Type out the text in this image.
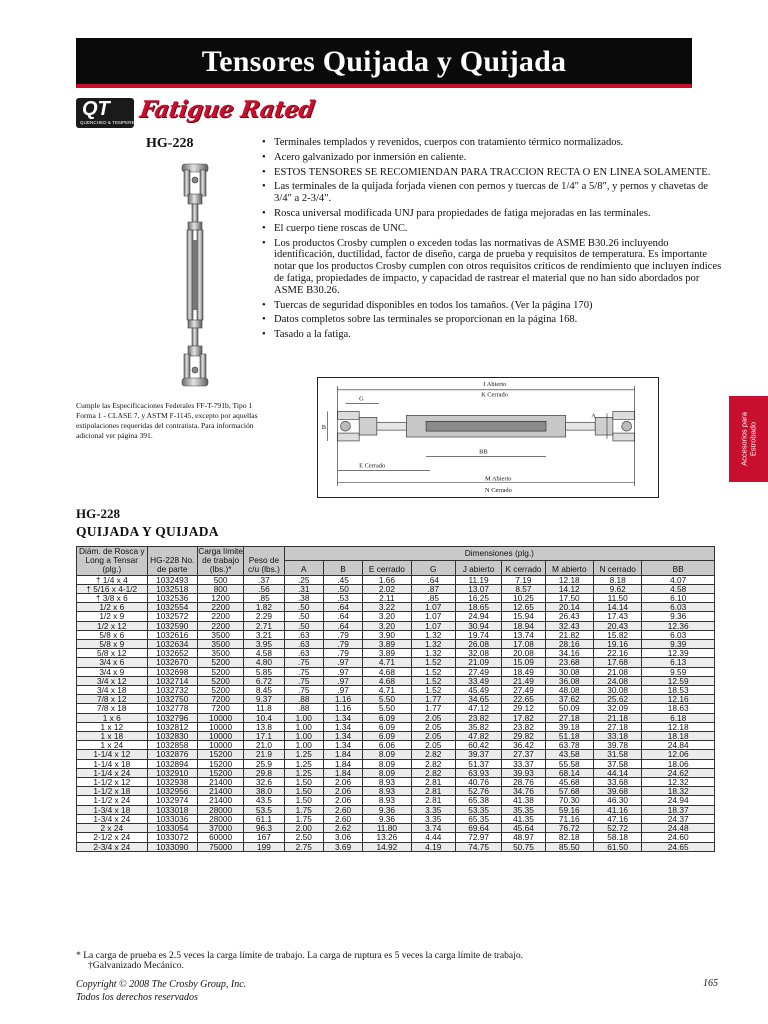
Tensores Quijada y Quijada
QT
QUENCHED & TEMPERED Fatigue Rated
HG-228	• Terminales templados y revenidos, cuerpos con tratamiento térmico normalizados.
• Acero galvanizado por inmersión en caliente.
• ESTOS TENSORES SE RECOMIENDAN PARA TRACCION RECTA O EN LINEA SOLAMENTE.
• Las terminales de la quijada forjada vienen con pernos y tuercas de 1/4" a 5/8", y pernos y chavetas de 3/4" a 2-3/4".
• Rosca universal modificada UNJ para propiedades de fatiga mejoradas en las terminales.
• El cuerpo tiene roscas de UNC.
• Los productos Crosby cumplen o exceden todas las normativas de ASME B30.26 incluyendo identificación, ductilidad, factor de diseño, carga de prueba y requisitos de temperatura. Es importante notar que los productos Crosby cumplen con otros requisitos críticos de rendimiento que incluyen índices de fatiga, propiedades de impacto, y capacidad de rastrear el material que no han sido abordados por ASME B30.26.
• Tuercas de seguridad disponibles en todos los tamaños. (Ver la página 170)
• Datos completos sobre las terminales se proporcionan en la página 168.
• Tasado a la fatiga.
Cumple las Especificaciones Federales FF-T-791b, Tipo 1 Forma 1 - CLASE 7, y ASTM F-1145, excepto por aquellas estipulaciones requeridas del contratista. Para información adicional ver página 391.
J Abierto
K Cerrado
G
A
B
BB
E Cerrado
M Abierto
N Cerrado
Accesorios para Estrobado
HG-228
QUIJADA Y QUIJADA
Diám. de Rosca y Long a Tensar (plg.)	HG-228 No. de parte	Carga límite de trabajo (lbs.)*	Peso de c/u (lbs.)	Dimensiones (plg.)								
				A	B	E cerrado	G	J abierto	K cerrado	M abierto	N cerrado	BB
† 1/4 x 4	1032493	500	.37	.25	.45	1.66	.64	11.19	7.19	12.18	8.18	4.07
† 5/16 x 4-1/2	1032518	800	.56	.31	.50	2.02	.87	13.07	8.57	14.12	9.62	4.58
† 3/8 x 6	1032536	1200	.85	.38	.53	2.11	.85	16.25	10.25	17.50	11.50	6.10
1/2 x 6	1032554	2200	1.82	.50	.64	3.22	1.07	18.65	12.65	20.14	14.14	6.03
1/2 x 9	1032572	2200	2.29	.50	.64	3.20	1.07	24.94	15.94	26.43	17.43	9.36
1/2 x 12	1032590	2200	2.71	.50	.64	3.20	1.07	30.94	18.94	32.43	20.43	12.36
5/8 x 6	1032616	3500	3.21	.63	.79	3.90	1.32	19.74	13.74	21.82	15.82	6.03
5/8 x 9	1032634	3500	3.95	.63	.79	3.89	1.32	26.08	17.08	28.16	19.16	9.39
5/8 x 12	1032652	3500	4.58	.63	.79	3.89	1.32	32.08	20.08	34.16	22.16	12.39
3/4 x 6	1032670	5200	4.80	.75	.97	4.71	1.52	21.09	15.09	23.68	17.68	6.13
3/4 x 9	1032698	5200	5.85	.75	.97	4.68	1.52	27.49	18.49	30.08	21.08	9.59
3/4 x 12	1032714	5200	6.72	.75	.97	4.68	1.52	33.49	21.49	36.08	24.08	12.59
3/4 x 18	1032732	5200	8.45	.75	.97	4.71	1.52	45.49	27.49	48.08	30.08	18.53
7/8 x 12	1032750	7200	9.37	.88	1.16	5.50	1.77	34.65	22.65	37.62	25.62	12.16
7/8 x 18	1032778	7200	11.8	.88	1.16	5.50	1.77	47.12	29.12	50.09	32.09	18.63
1 x 6	1032796	10000	10.4	1.00	1.34	6.09	2.05	23.82	17.82	27.18	21.18	6.18
1 x 12	1032812	10000	13.8	1.00	1.34	6.09	2.05	35.82	23.82	39.18	27.18	12.18
1 x 18	1032830	10000	17.1	1.00	1.34	6.09	2.05	47.82	29.82	51.18	33.18	18.18
1 x 24	1032858	10000	21.0	1.00	1.34	6.06	2.05	60.42	36.42	63.78	39.78	24.84
1-1/4 x 12	1032876	15200	21.9	1.25	1.84	8.09	2.82	39.37	27.37	43.58	31.58	12.06
1-1/4 x 18	1032894	15200	25.9	1.25	1.84	8.09	2.82	51.37	33.37	55.58	37.58	18.06
1-1/4 x 24	1032910	15200	29.8	1.25	1.84	8.09	2.82	63.93	39.93	68.14	44.14	24.62
1-1/2 x 12	1032938	21400	32.6	1.50	2.06	8.93	2.81	40.76	28.76	45.68	33.68	12.32
1-1/2 x 18	1032956	21400	38.0	1.50	2.06	8.93	2.81	52.76	34.76	57.68	39.68	18.32
1-1/2 x 24	1032974	21400	43.5	1.50	2.06	8.93	2.81	65.38	41.38	70.30	46.30	24.94
1-3/4 x 18	1033018	28000	53.5	1.75	2.60	9.36	3.35	53.35	35.35	59.16	41.16	18.37
1-3/4 x 24	1033036	28000	61.1	1.75	2.60	9.36	3.35	65.35	41.35	71.16	47.16	24.37
2 x 24	1033054	37000	96.3	2.00	2.62	11.80	3.74	69.64	45.64	76.72	52.72	24.48
2-1/2 x 24	1033072	60000	167	2.50	3.06	13.26	4.44	72.97	48.97	82.18	58.18	24.60
2-3/4 x 24	1033090	75000	199	2.75	3.69	14.92	4.19	74.75	50.75	85.50	61.50	24.65
* La carga de prueba es 2.5 veces la carga límite de trabajo. La carga de ruptura es 5 veces la carga límite de trabajo.
†Galvanizado Mecánico.
Copyright © 2008 The Crosby Group, Inc.
Todos los derechos reservados
165
